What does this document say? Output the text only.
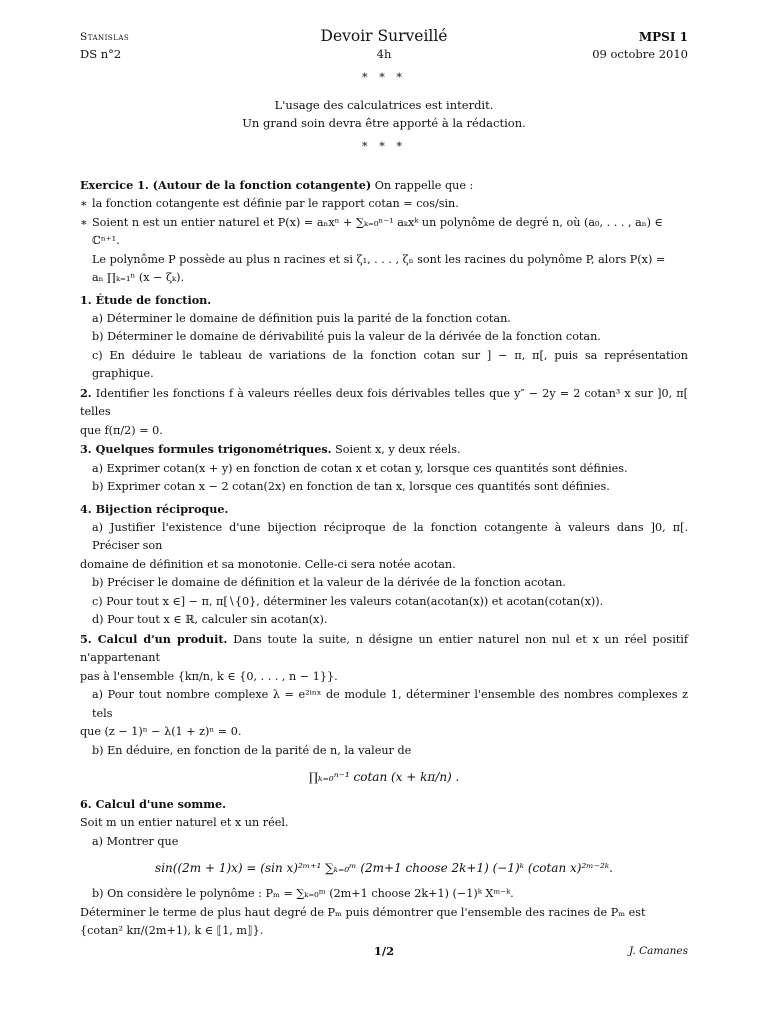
Stanislas
DS n°2
Devoir Surveillé
4h
MPSI 1
09 octobre 2010
* * *
L'usage des calculatrices est interdit.
Un grand soin devra être apporté à la rédaction.
* * *

Exercice 1. (Autour de la fonction cotangente) On rappelle que :

∗ la fonction cotangente est définie par le rapport cotan = cos/sin.
∗ Soient n est un entier naturel et P(x) = aₙxⁿ + ∑ₖ₌₀ⁿ⁻¹ aₖxᵏ un polynôme de degré n, où (a₀, . . . , aₙ) ∈ ℂⁿ⁺¹.

Le polynôme P possède au plus n racines et si ζ₁, . . . , ζₙ sont les racines du polynôme P, alors P(x) =

aₙ ∏ₖ₌₁ⁿ (x − ζₖ).

1. Étude de fonction.

a) Déterminer le domaine de définition puis la parité de la fonction cotan.

b) Déterminer le domaine de dérivabilité puis la valeur de la dérivée de la fonction cotan.

c) En déduire le tableau de variations de la fonction cotan sur ] − π, π[, puis sa représentation graphique.

2. Identifier les fonctions f à valeurs réelles deux fois dérivables telles que y″ − 2y = 2 cotan³ x sur ]0, π[ telles

que f(π/2) = 0.

3. Quelques formules trigonométriques. Soient x, y deux réels.

a) Exprimer cotan(x + y) en fonction de cotan x et cotan y, lorsque ces quantités sont définies.

b) Exprimer cotan x − 2 cotan(2x) en fonction de tan x, lorsque ces quantités sont définies.

4. Bijection réciproque.

a) Justifier l'existence d'une bijection réciproque de la fonction cotangente à valeurs dans ]0, π[. Préciser son

domaine de définition et sa monotonie. Celle-ci sera notée acotan.

b) Préciser le domaine de définition et la valeur de la dérivée de la fonction acotan.

c) Pour tout x ∈] − π, π[∖{0}, déterminer les valeurs cotan(acotan(x)) et acotan(cotan(x)).

d) Pour tout x ∈ ℝ, calculer sin acotan(x).

5. Calcul d'un produit. Dans toute la suite, n désigne un entier naturel non nul et x un réel positif n'appartenant

pas à l'ensemble {kπ/n, k ∈ {0, . . . , n − 1}}.

a) Pour tout nombre complexe λ = e²ⁱⁿˣ de module 1, déterminer l'ensemble des nombres complexes z tels

que (z − 1)ⁿ − λ(1 + z)ⁿ = 0.

b) En déduire, en fonction de la parité de n, la valeur de

∏ₖ₌₀ⁿ⁻¹ cotan (x + kπ/n) .
6. Calcul d'une somme.

Soit m un entier naturel et x un réel.

a) Montrer que

sin((2m + 1)x) = (sin x)²ᵐ⁺¹ ∑ₖ₌₀ᵐ (2m+1 choose 2k+1) (−1)ᵏ (cotan x)²ᵐ⁻²ᵏ.

b) On considère le polynôme : Pₘ = ∑ₖ₌₀ᵐ (2m+1 choose 2k+1) (−1)ᵏ Xᵐ⁻ᵏ.

Déterminer le terme de plus haut degré de Pₘ puis démontrer que l'ensemble des racines de Pₘ est

{cotan² kπ/(2m+1), k ∈ ⟦1, m⟧}.

1/2	J. Camanes
